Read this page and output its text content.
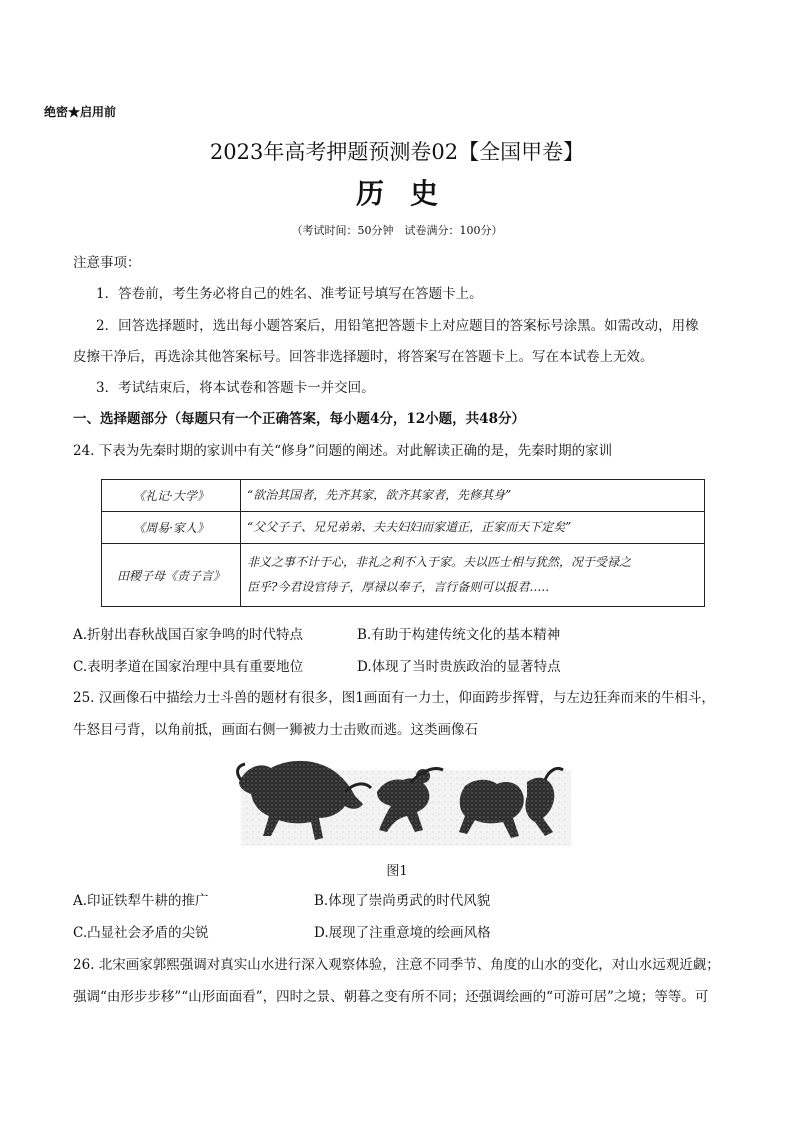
绝密★启用前
2023年高考押题预测卷02【全国甲卷】
历史
（考试时间：50分钟　试卷满分：100分）
注意事项：
1．答卷前，考生务必将自己的姓名、准考证号填写在答题卡上。
2．回答选择题时，选出每小题答案后，用铅笔把答题卡上对应题目的答案标号涂黑。如需改动，用橡
皮擦干净后，再选涂其他答案标号。回答非选择题时，将答案写在答题卡上。写在本试卷上无效。
3．考试结束后，将本试卷和答题卡一并交回。
一、选择题部分（每题只有一个正确答案，每小题4分，12小题，共48分）
24. 下表为先秦时期的家训中有关“修身”问题的阐述。对此解读正确的是，先秦时期的家训
《礼记·大学》	“欲治其国者，先齐其家，欲齐其家者，先修其身”

《周易·家人》	“父父子子、兄兄弟弟、夫夫妇妇而家道正，正家而天下定矣”

田稷子母《责子言》	非义之事不计于心，非礼之利不入于家。夫以匹士相与犹然，况于受禄之
臣乎?今君设官待子，厚禄以奉子，言行备则可以报君…..
A.折射出春秋战国百家争鸣的时代特点	B.有助于构建传统文化的基本精神
C.表明孝道在国家治理中具有重要地位	D.体现了当时贵族政治的显著特点
25. 汉画像石中描绘力士斗兽的题材有很多，图1画面有一力士，仰面跨步挥臂，与左边狂奔而来的牛相斗，
牛怒目弓背，以角前抵，画面右侧一狮被力士击败而逃。这类画像石
图1
A.印证铁犁牛耕的推广	B.体现了崇尚勇武的时代风貌
C.凸显社会矛盾的尖锐	D.展现了注重意境的绘画风格
26. 北宋画家郭熙强调对真实山水进行深入观察体验，注意不同季节、角度的山水的变化，对山水远观近觑；
强调“由形步步移”“山形面面看”，四时之景、朝暮之变有所不同；还强调绘画的“可游可居”之境；等等。可
